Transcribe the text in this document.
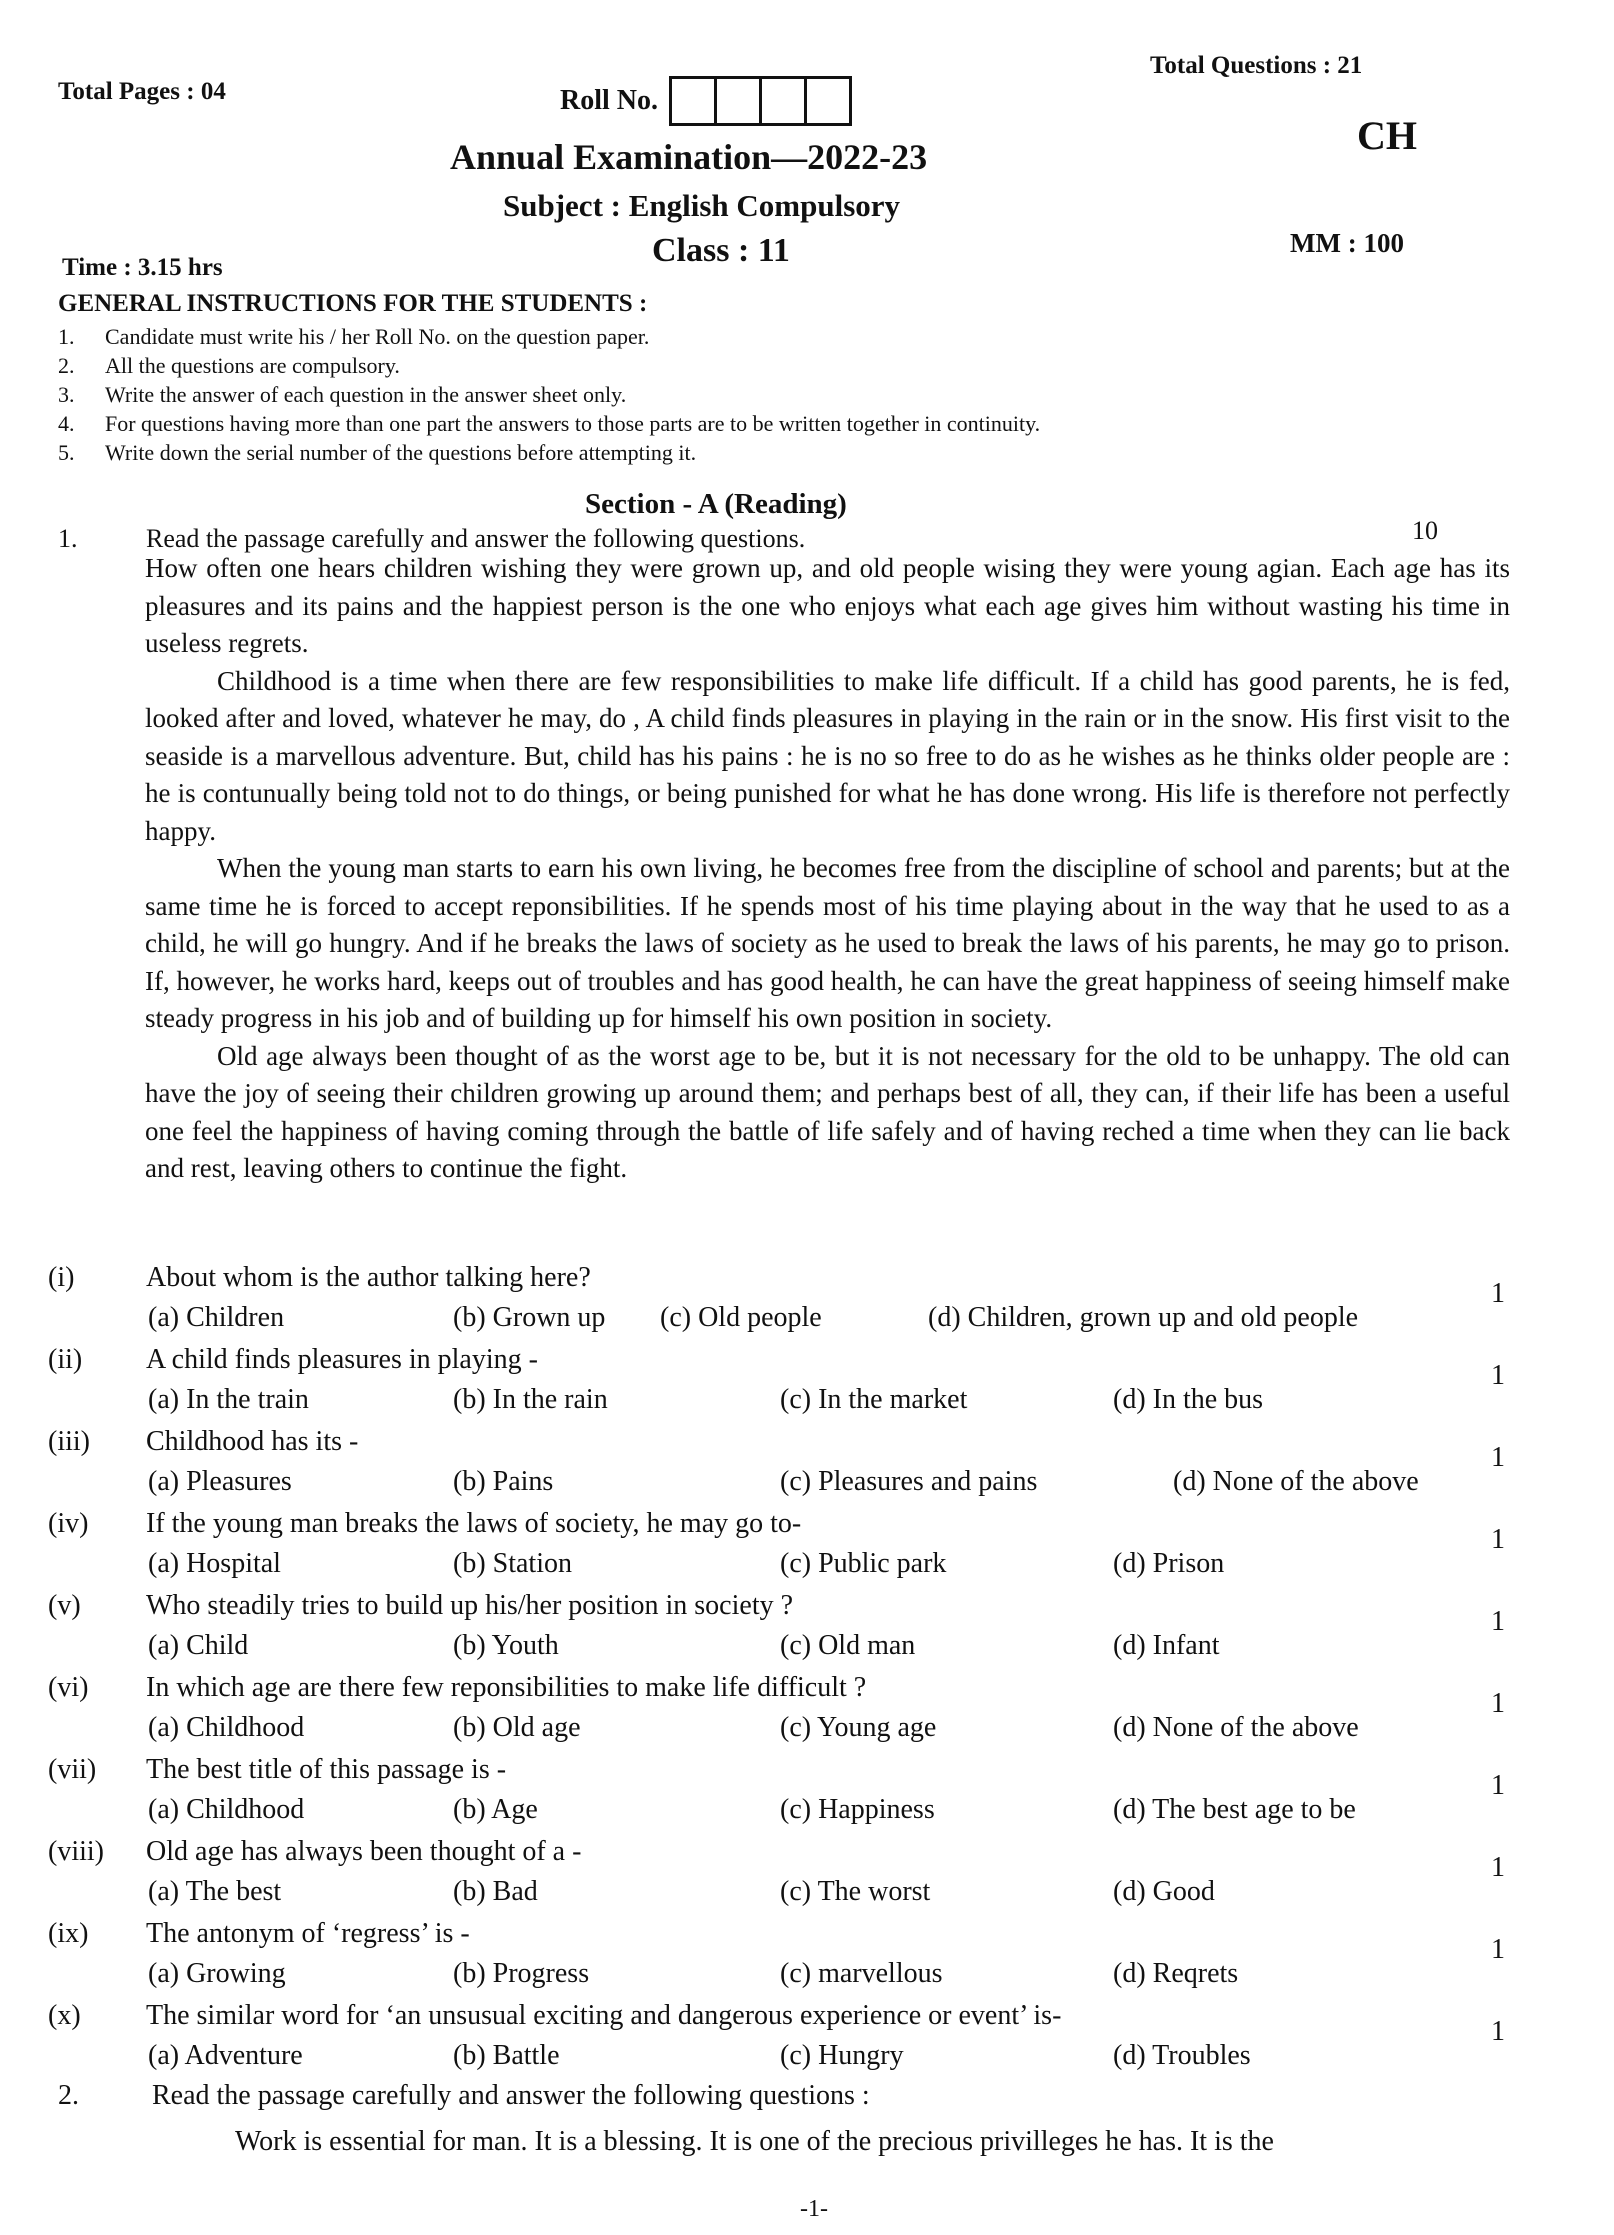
Total Pages : 04	Roll No.
Total Questions : 21
CH
Annual Examination—2022-23
Subject : English Compulsory
Class : 11
Time : 3.15 hrs
MM : 100
GENERAL INSTRUCTIONS FOR THE STUDENTS :
1.	Candidate must write his / her Roll No. on the question paper.
2.	All the questions are compulsory.
3.	Write the answer of each question in the answer sheet only.
4.	For questions having more than one part the answers to those parts are to be written together in continuity.
5.	Write down the serial number of the questions before attempting it.
Section - A (Reading)
1.	Read the passage carefully and answer the following questions.	10

How often one hears children wishing they were grown up, and old people wising they were young agian. Each age has its pleasures and its pains and the happiest person is the one who enjoys what each age gives him without wasting his time in useless regrets.

Childhood is a time when there are few responsibilities to make life difficult. If a child has good parents, he is fed, looked after and loved, whatever he may, do , A child finds pleasures in playing in the rain or in the snow. His first visit to the seaside is a marvellous adventure. But, child has his pains : he is no so free to do as he wishes as he thinks older people are : he is contunually being told not to do things, or being punished for what he has done wrong. His life is therefore not perfectly happy.

When the young man starts to earn his own living, he becomes free from the discipline of school and parents; but at the same time he is forced to accept reponsibilities. If he spends most of his time playing about in the way that he used to as a child, he will go hungry. And if he breaks the laws of society as he used to break the laws of his parents, he may go to prison. If, however, he works hard, keeps out of troubles and has good health, he can have the great happiness of seeing himself make steady progress in his job and of building up for himself his own position in society.

Old age always been thought of as the worst age to be, but it is not necessary for the old to be unhappy. The old can have the joy of seeing their children growing up around them; and perhaps best of all, they can, if their life has been a useful one feel the happiness of having coming through the battle of life safely and of having reched a time when they can lie back and rest, leaving others to continue the fight.

(i)	About whom is the author talking here?
1
(a) Children	(b) Grown up (c) Old people	(d) Children, grown up and old people
(ii) A child finds pleasures in playing -
1
(a) In the train	(b) In the rain	(c) In the market	(d) In the bus
(iii) Childhood has its -
1
(a) Pleasures	(b) Pains	(c) Pleasures and pains	(d) None of the above
(iv) If the young man breaks the laws of society, he may go to-
1
(a) Hospital	(b) Station	(c) Public park	(d) Prison
(v) Who steadily tries to build up his/her position in society ?
1
(a) Child	(b) Youth	(c) Old man	(d) Infant
(vi) In which age are there few reponsibilities to make life difficult ?
1
(a) Childhood	(b) Old age	(c) Young age	(d) None of the above
(vii) The best title of this passage is -
1
(a) Childhood	(b) Age	(c) Happiness	(d) The best age to be
(viii) Old age has always been thought of a -
1
(a) The best	(b) Bad	(c) The worst	(d) Good
(ix) The antonym of ‘regress’ is -
1
(a) Growing	(b) Progress	(c) marvellous	(d) Reqrets
(x) The similar word for ‘an unsusual exciting and dangerous experience or event’ is-
1
(a) Adventure	(b) Battle	(c) Hungry	(d) Troubles
2.	Read the passage carefully and answer the following questions :
Work is essential for man. It is a blessing. It is one of the precious privilleges he has. It is the
-1-
